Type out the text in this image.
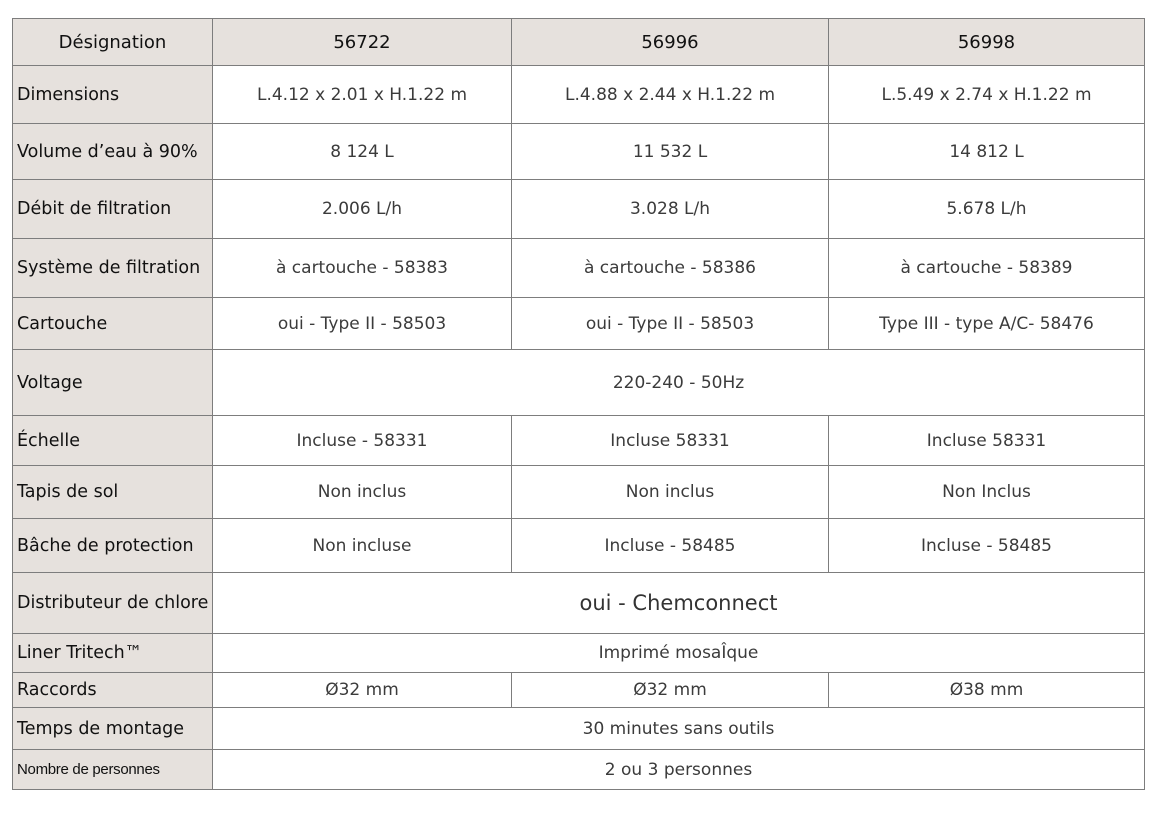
Désignation	56722	56996	56998
Dimensions	L.4.12 x 2.01 x H.1.22 m	L.4.88 x 2.44 x H.1.22 m	L.5.49 x 2.74 x H.1.22 m
Volume d’eau à 90%	8 124 L	11 532 L	14 812 L
Débit de filtration	2.006 L/h	3.028 L/h	5.678 L/h
Système de filtration	à cartouche - 58383	à cartouche - 58386	à cartouche - 58389
Cartouche	oui - Type II - 58503	oui - Type II - 58503	Type III - type A/C- 58476
Voltage	220-240 - 50Hz		
Échelle	Incluse - 58331	Incluse 58331	Incluse 58331
Tapis de sol	Non inclus	Non inclus	Non Inclus
Bâche de protection	Non incluse	Incluse - 58485	Incluse - 58485
Distributeur de chlore	oui - Chemconnect		
Liner Tritech™	Imprimé mosaÎque		
Raccords	Ø32 mm	Ø32 mm	Ø38 mm
Temps de montage	30 minutes sans outils		
Nombre de personnes	2 ou 3 personnes		
